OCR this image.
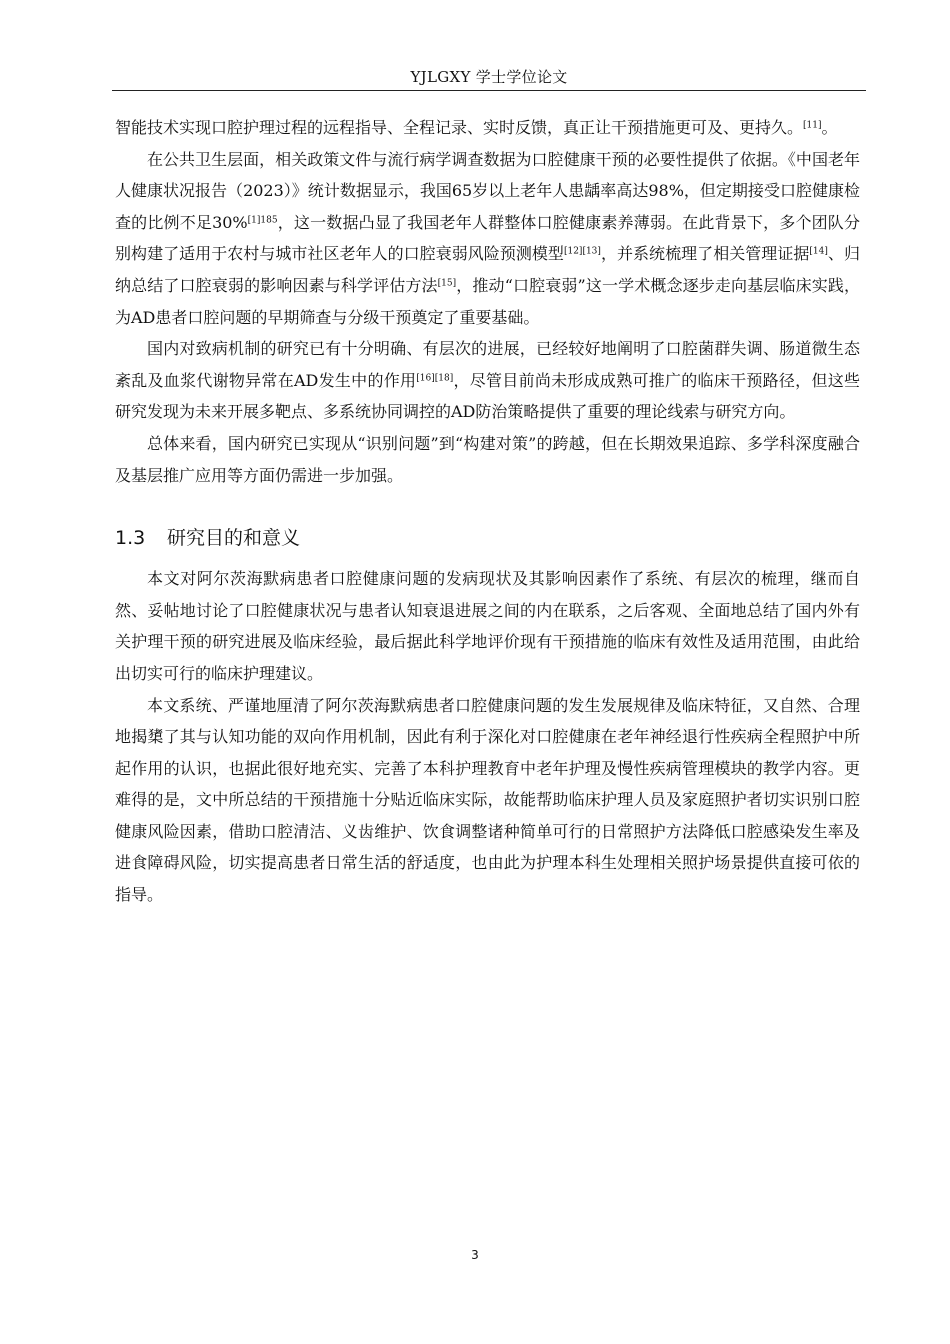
YJLGXY 学士学位论文

智能技术实现口腔护理过程的远程指导、全程记录、实时反馈，真正让干预措施更可及、更持久。[11]。

在公共卫生层面，相关政策文件与流行病学调查数据为口腔健康干预的必要性提供了依据。《中国老年人健康状况报告（2023）》统计数据显示，我国65岁以上老年人患龋率高达98%，但定期接受口腔健康检查的比例不足30%$^{[1]185}$，这一数据凸显了我国老年人群整体口腔健康素养薄弱。在此背景下，多个团队分别构建了适用于农村与城市社区老年人的口腔衰弱风险预测模型[12][13]，并系统梳理了相关管理证据[14]、归纳总结了口腔衰弱的影响因素与科学评估方法[15]，推动“口腔衰弱”这一学术概念逐步走向基层临床实践，为AD患者口腔问题的早期筛查与分级干预奠定了重要基础。

国内对致病机制的研究已有十分明确、有层次的进展，已经较好地阐明了口腔菌群失调、肠道微生态紊乱及血浆代谢物异常在AD发生中的作用[16][18]，尽管目前尚未形成成熟可推广的临床干预路径，但这些研究发现为未来开展多靶点、多系统协同调控的AD防治策略提供了重要的理论线索与研究方向。

总体来看，国内研究已实现从“识别问题”到“构建对策”的跨越，但在长期效果追踪、多学科深度融合及基层推广应用等方面仍需进一步加强。

1.3 研究目的和意义

本文对阿尔茨海默病患者口腔健康问题的发病现状及其影响因素作了系统、有层次的梳理，继而自然、妥帖地讨论了口腔健康状况与患者认知衰退进展之间的内在联系，之后客观、全面地总结了国内外有关护理干预的研究进展及临床经验，最后据此科学地评价现有干预措施的临床有效性及适用范围，由此给出切实可行的临床护理建议。

本文系统、严谨地厘清了阿尔茨海默病患者口腔健康问题的发生发展规律及临床特征，又自然、合理地揭橥了其与认知功能的双向作用机制，因此有利于深化对口腔健康在老年神经退行性疾病全程照护中所起作用的认识，也据此很好地充实、完善了本科护理教育中老年护理及慢性疾病管理模块的教学内容。更难得的是，文中所总结的干预措施十分贴近临床实际，故能帮助临床护理人员及家庭照护者切实识别口腔健康风险因素，借助口腔清洁、义齿维护、饮食调整诸种简单可行的日常照护方法降低口腔感染发生率及进食障碍风险，切实提高患者日常生活的舒适度，也由此为护理本科生处理相关照护场景提供直接可依的指导。

3
